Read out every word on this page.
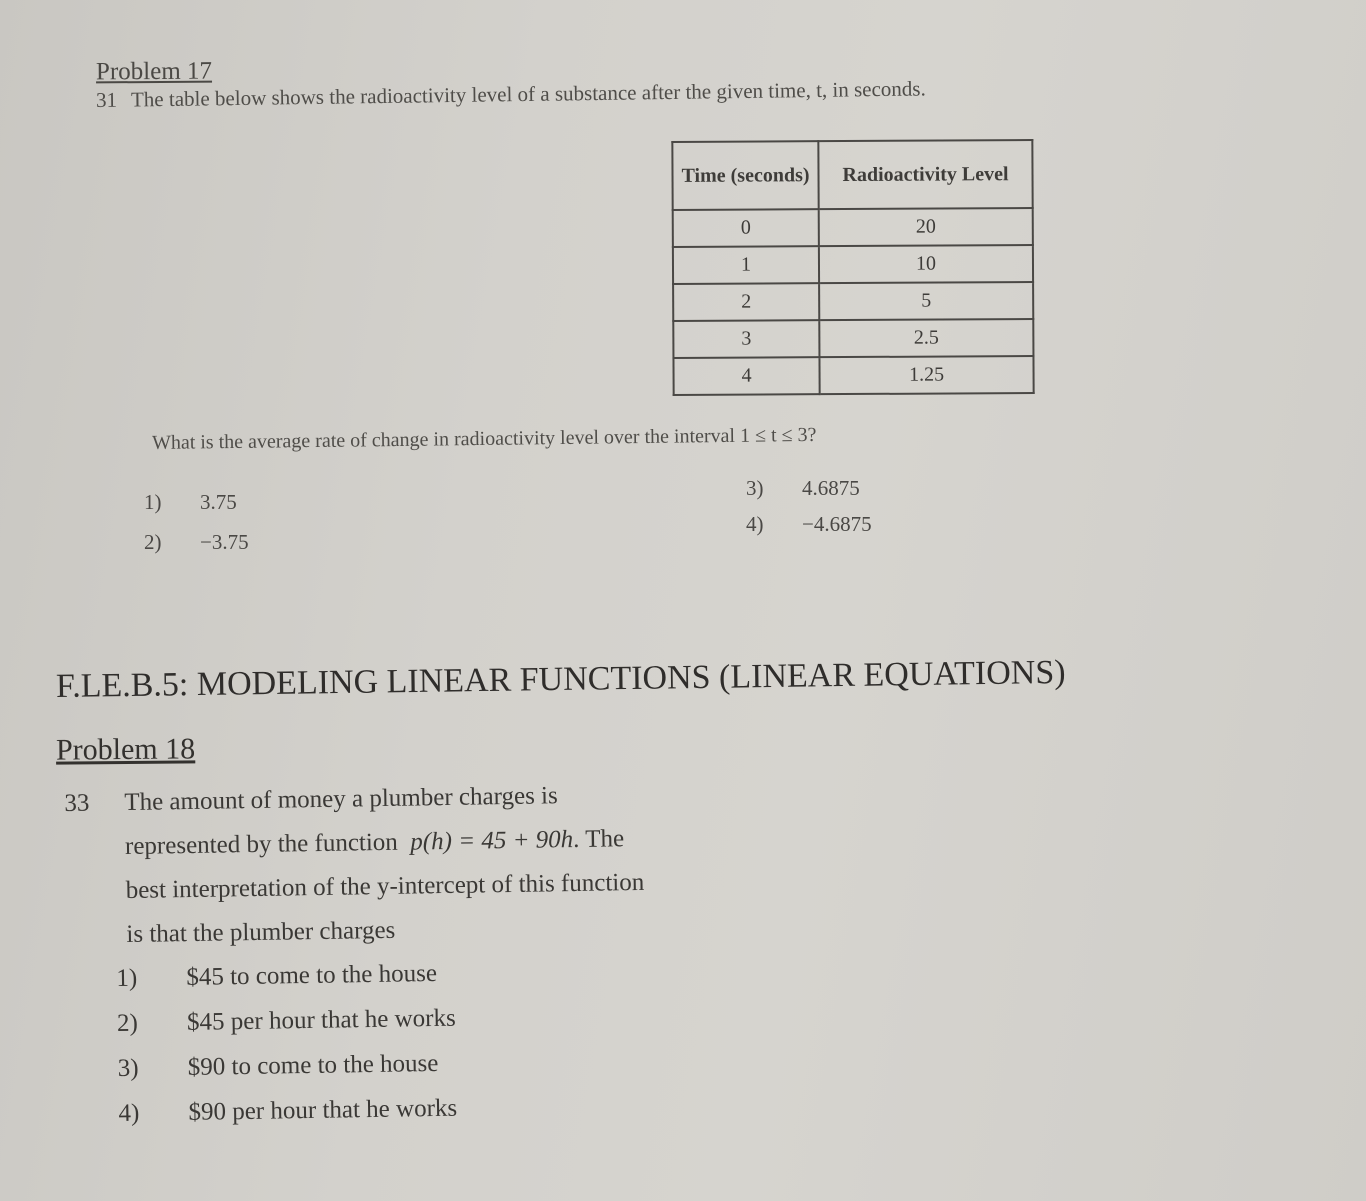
Problem 17
31 The table below shows the radioactivity level of a substance after the given time, t, in seconds.
Time (seconds)	Radioactivity Level
0	20
1	10
2	5
3	2.5
4	1.25
What is the average rate of change in radioactivity level over the interval 1 ≤ t ≤ 3?
1) 3.75
2) −3.75
3) 4.6875
4) −4.6875
F.LE.B.5: MODELING LINEAR FUNCTIONS (LINEAR EQUATIONS)
Problem 18
33 The amount of money a plumber charges is
represented by the function p(h) = 45 + 90h. The
best interpretation of the y-intercept of this function
is that the plumber charges
1) $45 to come to the house
2) $45 per hour that he works
3) $90 to come to the house
4) $90 per hour that he works
